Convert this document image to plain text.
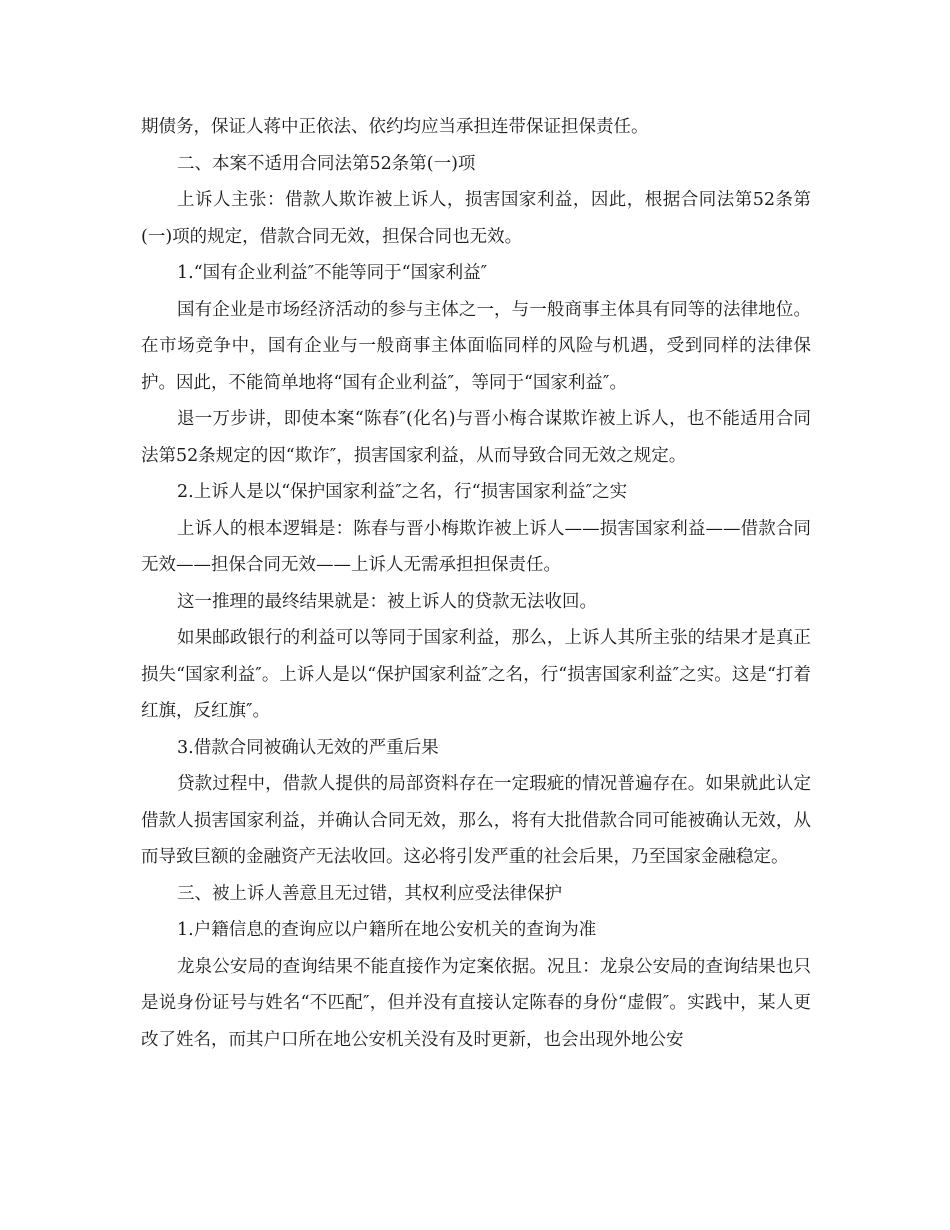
期债务，保证人蒋中正依法、依约均应当承担连带保证担保责任。

二、本案不适用合同法第52条第(一)项

上诉人主张：借款人欺诈被上诉人，损害国家利益，因此，根据合同法第52条第(一)项的规定，借款合同无效，担保合同也无效。

1.“国有企业利益″不能等同于“国家利益″

国有企业是市场经济活动的参与主体之一，与一般商事主体具有同等的法律地位。在市场竞争中，国有企业与一般商事主体面临同样的风险与机遇，受到同样的法律保护。因此，不能简单地将“国有企业利益″，等同于“国家利益″。

退一万步讲，即使本案“陈春″(化名)与晋小梅合谋欺诈被上诉人，也不能适用合同法第52条规定的因“欺诈″，损害国家利益，从而导致合同无效之规定。

2.上诉人是以“保护国家利益″之名，行“损害国家利益″之实

上诉人的根本逻辑是：陈春与晋小梅欺诈被上诉人——损害国家利益——借款合同无效——担保合同无效——上诉人无需承担担保责任。

这一推理的最终结果就是：被上诉人的贷款无法收回。

如果邮政银行的利益可以等同于国家利益，那么，上诉人其所主张的结果才是真正损失“国家利益″。上诉人是以“保护国家利益″之名，行“损害国家利益″之实。这是“打着红旗，反红旗″。

3.借款合同被确认无效的严重后果

贷款过程中，借款人提供的局部资料存在一定瑕疵的情况普遍存在。如果就此认定借款人损害国家利益，并确认合同无效，那么，将有大批借款合同可能被确认无效，从而导致巨额的金融资产无法收回。这必将引发严重的社会后果，乃至国家金融稳定。

三、被上诉人善意且无过错，其权利应受法律保护

1.户籍信息的查询应以户籍所在地公安机关的查询为准

龙泉公安局的查询结果不能直接作为定案依据。况且：龙泉公安局的查询结果也只是说身份证号与姓名“不匹配″，但并没有直接认定陈春的身份“虚假″。实践中，某人更改了姓名，而其户口所在地公安机关没有及时更新，也会出现外地公安
